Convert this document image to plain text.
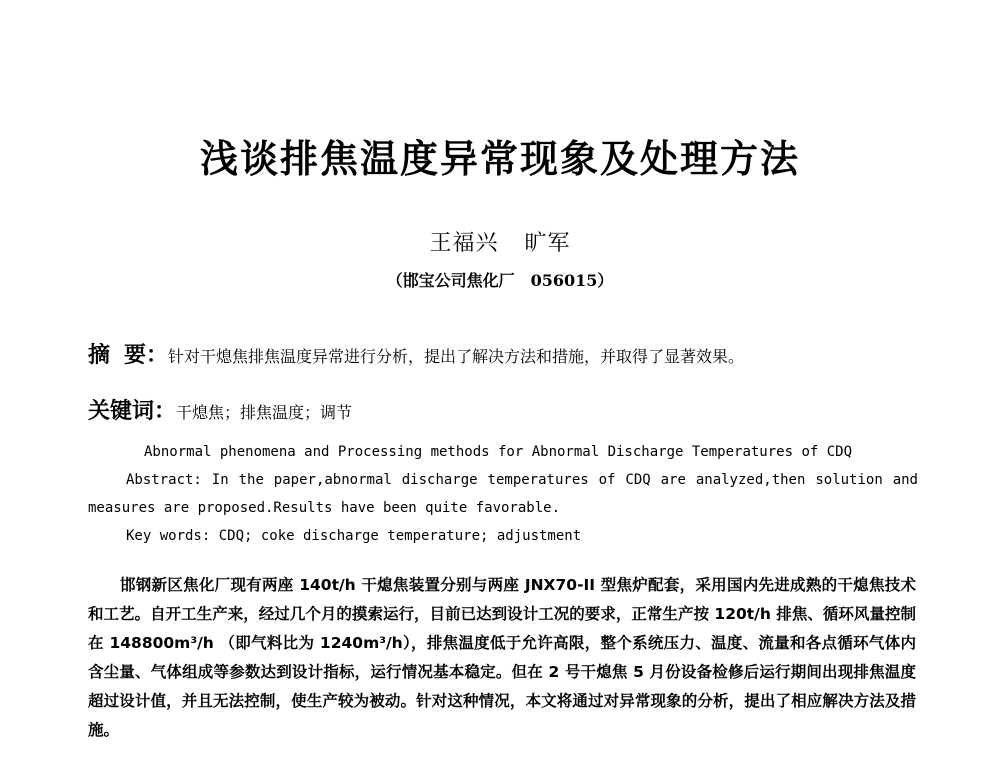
浅谈排焦温度异常现象及处理方法
王福兴 旷军
（邯宝公司焦化厂　056015）
摘要：针对干熄焦排焦温度异常进行分析，提出了解决方法和措施，并取得了显著效果。
关键词：干熄焦；排焦温度；调节
Abnormal phenomena and Processing methods for Abnormal Discharge Temperatures of CDQ
Abstract: In the paper,abnormal discharge temperatures of CDQ are analyzed,then solution and measures are proposed.Results have been quite favorable.
Key words: CDQ; coke discharge temperature; adjustment
邯钢新区焦化厂现有两座 140t/h 干熄焦装置分别与两座 JNX70-II 型焦炉配套，采用国内先进成熟的干熄焦技术和工艺。自开工生产来，经过几个月的摸索运行，目前已达到设计工况的要求，正常生产按 120t/h 排焦、循环风量控制在 148800m³/h （即气料比为 1240m³/h），排焦温度低于允许高限，整个系统压力、温度、流量和各点循环气体内含尘量、气体组成等参数达到设计指标，运行情况基本稳定。但在 2 号干熄焦 5 月份设备检修后运行期间出现排焦温度超过设计值，并且无法控制，使生产较为被动。针对这种情况，本文将通过对异常现象的分析，提出了相应解决方法及措施。
